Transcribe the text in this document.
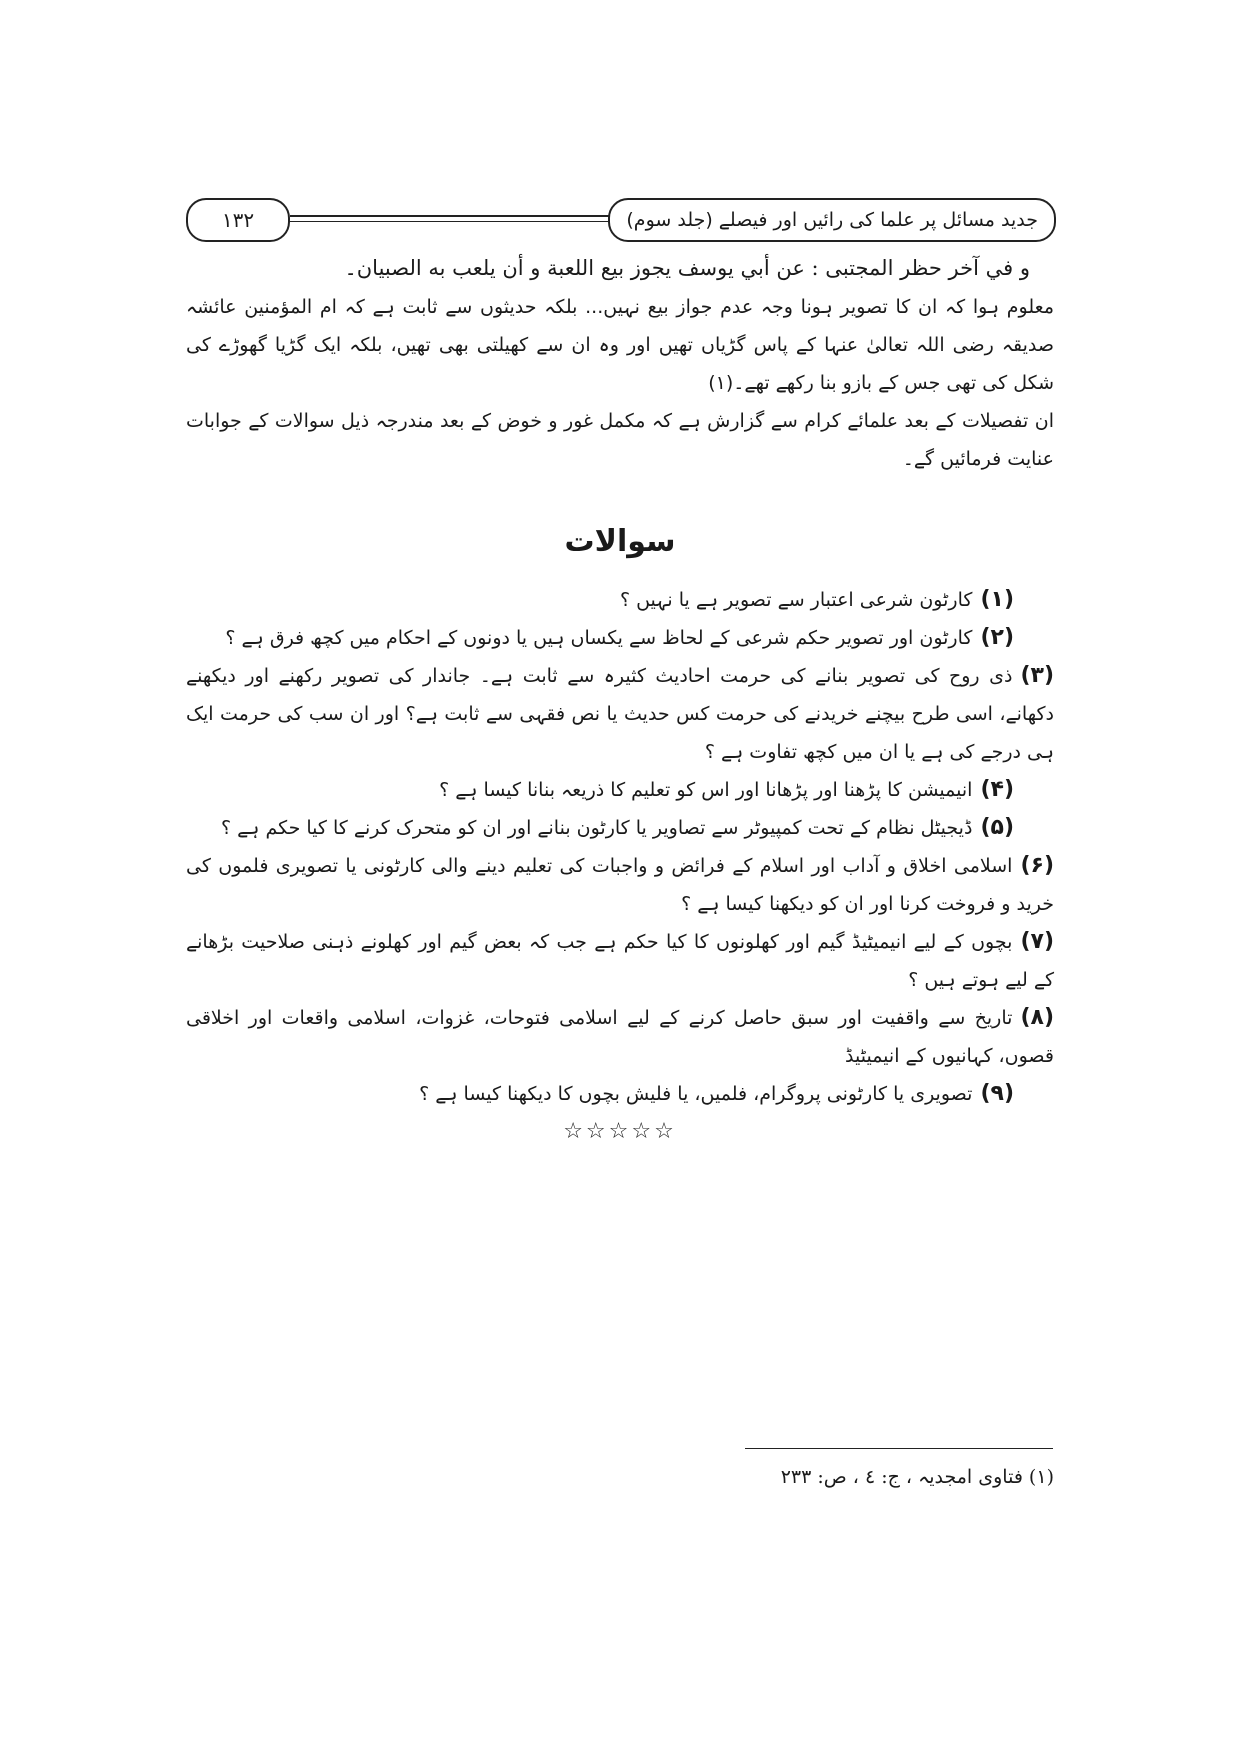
۱۳۲	جدید مسائل پر علما کی رائیں اور فیصلے (جلد سوم)

و في آخر حظر المجتبى : عن أبي يوسف يجوز بيع اللعبة و أن يلعب به الصبيان۔

معلوم ہوا کہ ان کا تصویر ہونا وجہ عدم جواز بیع نہیں... بلکہ حدیثوں سے ثابت ہے کہ ام المؤمنین عائشہ صدیقہ رضی اللہ تعالیٰ عنہا کے پاس گڑیاں تھیں اور وہ ان سے کھیلتی بھی تھیں، بلکہ ایک گڑیا گھوڑے کی شکل کی تھی جس کے بازو بنا رکھے تھے۔(۱)

ان تفصیلات کے بعد علمائے کرام سے گزارش ہے کہ مکمل غور و خوض کے بعد مندرجہ ذیل سوالات کے جوابات عنایت فرمائیں گے۔

سوالات
(۱)کارٹون شرعی اعتبار سے تصویر ہے یا نہیں ؟
(۲)کارٹون اور تصویر حکم شرعی کے لحاظ سے یکساں ہیں یا دونوں کے احکام میں کچھ فرق ہے ؟
(۳)ذی روح کی تصویر بنانے کی حرمت احادیث کثیرہ سے ثابت ہے۔ جاندار کی تصویر رکھنے اور دیکھنے دکھانے، اسی طرح بیچنے خریدنے کی حرمت کس حدیث یا نص فقہی سے ثابت ہے؟ اور ان سب کی حرمت ایک ہی درجے کی ہے یا ان میں کچھ تفاوت ہے ؟
(۴)انیمیشن کا پڑھنا اور پڑھانا اور اس کو تعلیم کا ذریعہ بنانا کیسا ہے ؟
(۵)ڈیجیٹل نظام کے تحت کمپیوٹر سے تصاویر یا کارٹون بنانے اور ان کو متحرک کرنے کا کیا حکم ہے ؟
(۶)اسلامی اخلاق و آداب اور اسلام کے فرائض و واجبات کی تعلیم دینے والی کارٹونی یا تصویری فلموں کی خرید و فروخت کرنا اور ان کو دیکھنا کیسا ہے ؟
(۷)بچوں کے لیے انیمیٹیڈ گیم اور کھلونوں کا کیا حکم ہے جب کہ بعض گیم اور کھلونے ذہنی صلاحیت بڑھانے کے لیے ہوتے ہیں ؟
(۸)تاریخ سے واقفیت اور سبق حاصل کرنے کے لیے اسلامی فتوحات، غزوات، اسلامی واقعات اور اخلاقی قصوں، کہانیوں کے انیمیٹیڈ
(۹)تصویری یا کارٹونی پروگرام، فلمیں، یا فلیش بچوں کا دیکھنا کیسا ہے ؟
☆☆☆☆☆
(۱) فتاوی امجدیہ ، ج: ٤ ، ص: ٢٣٣
